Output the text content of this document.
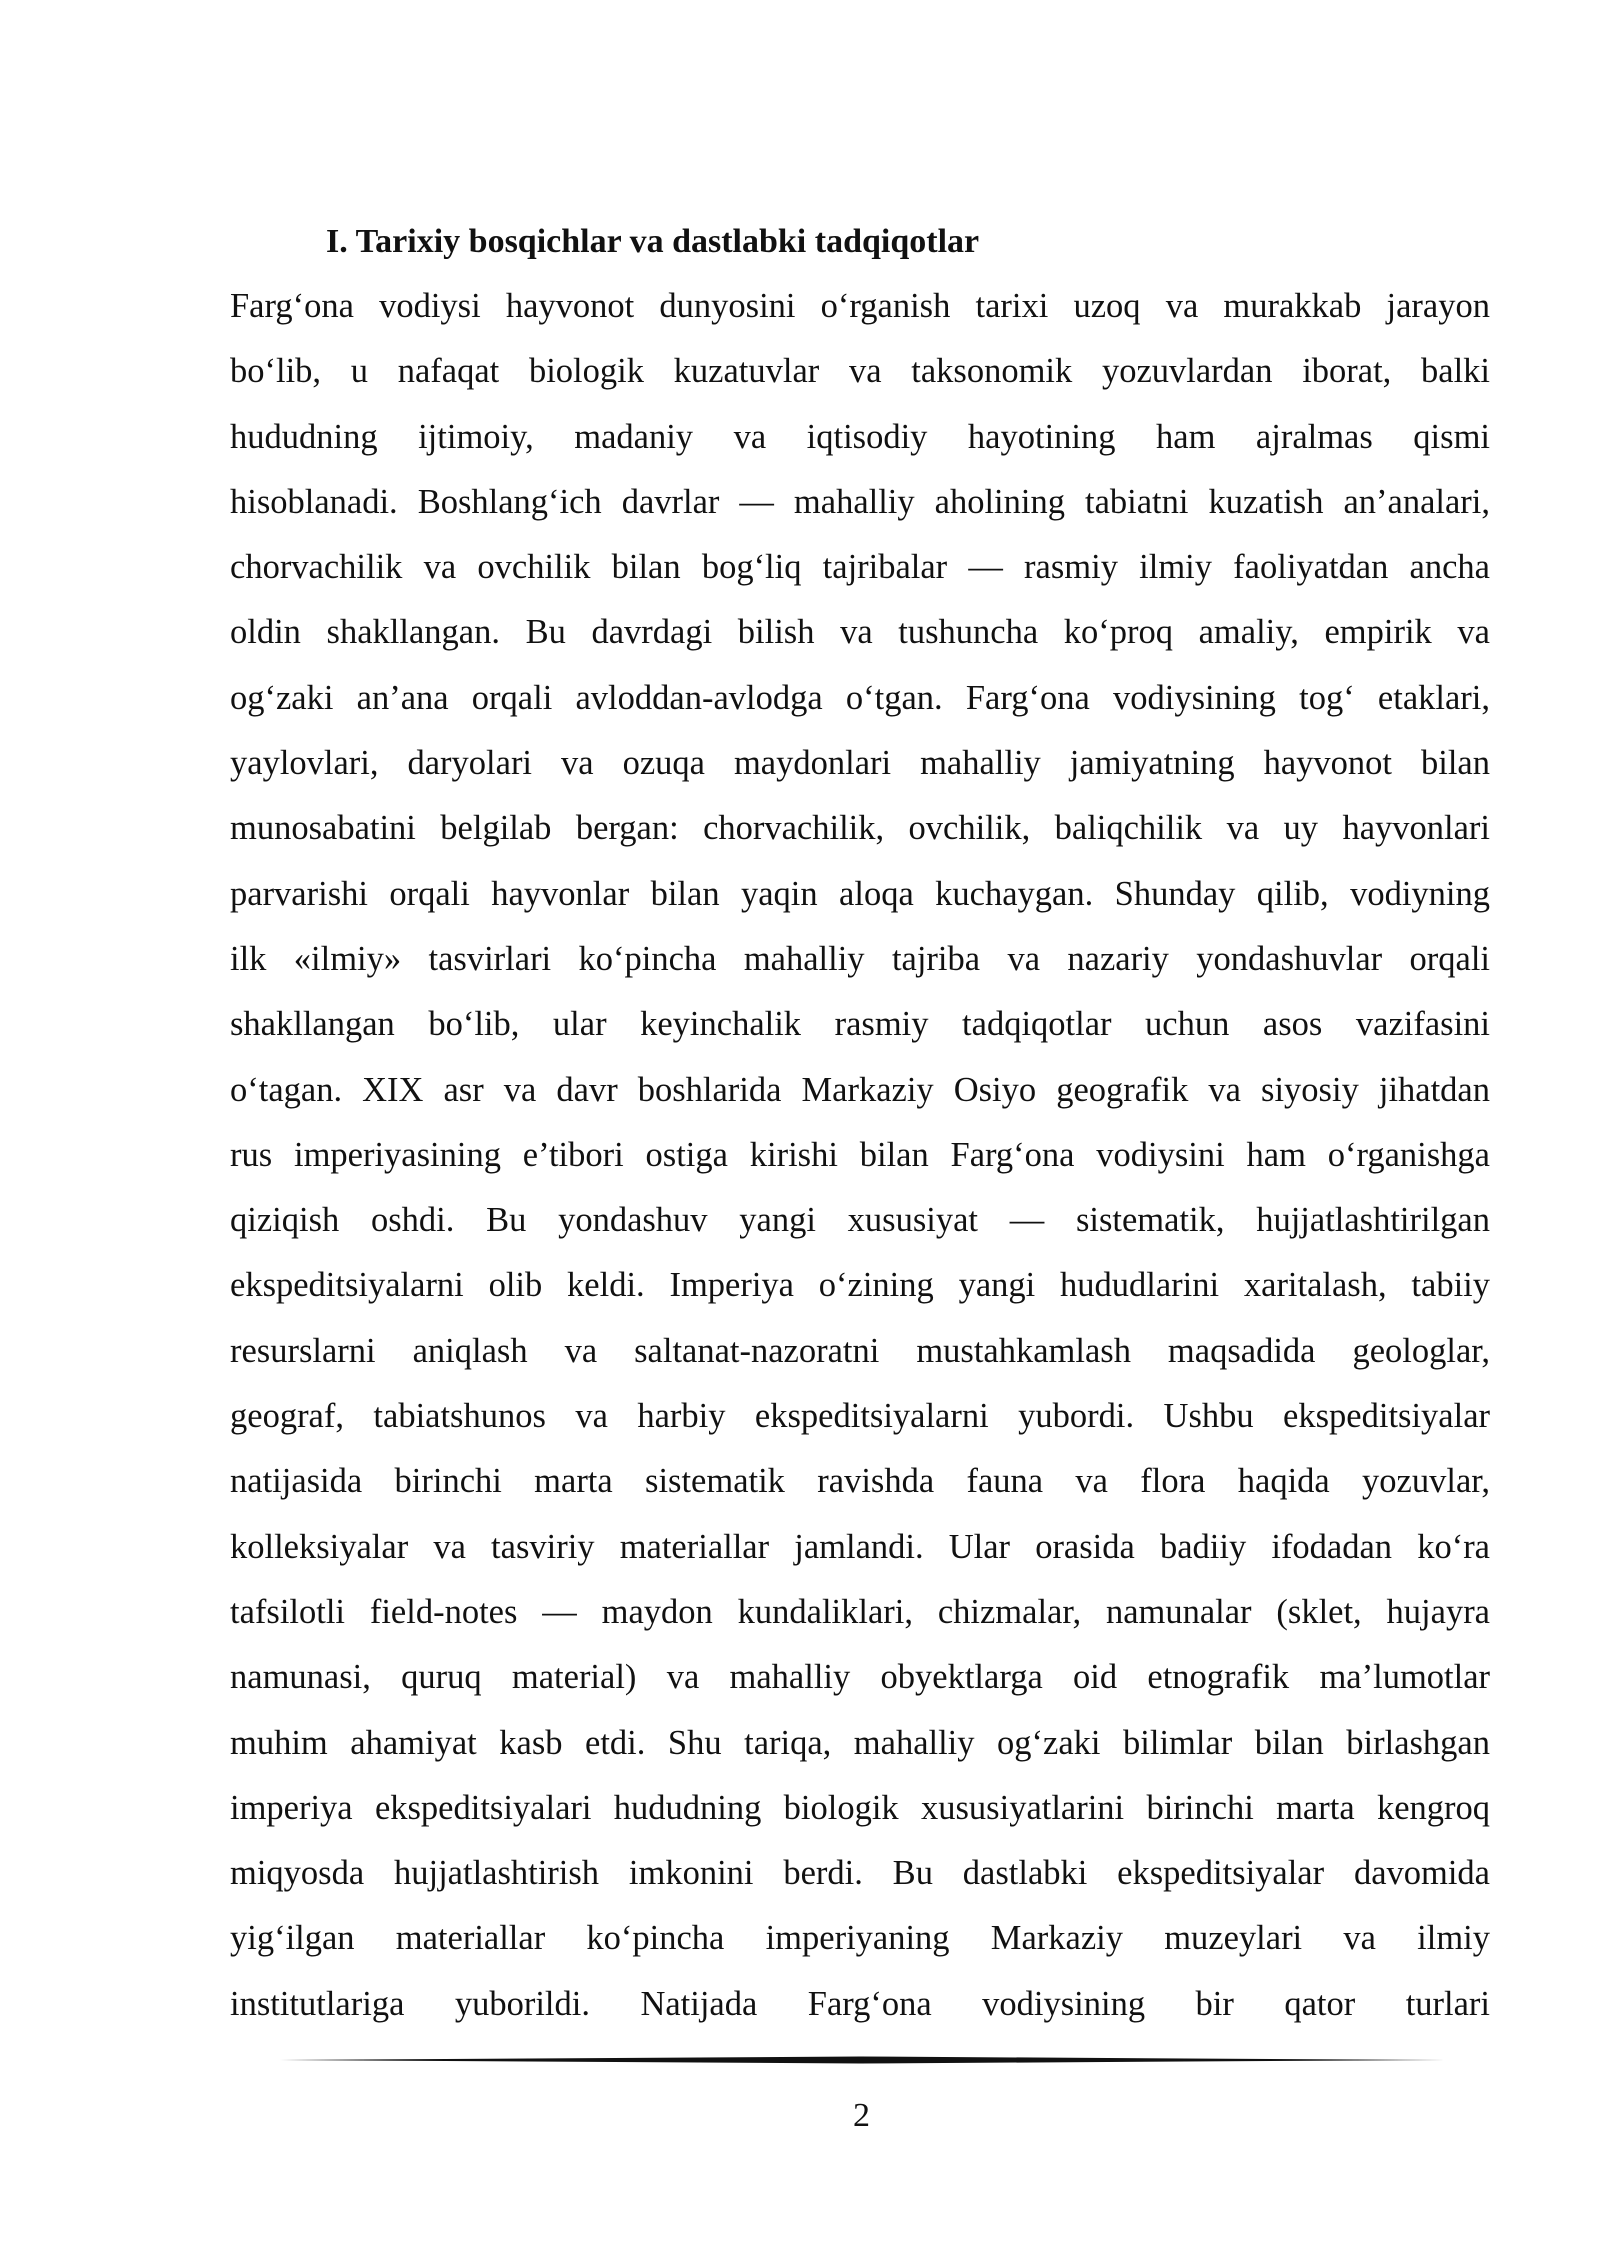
I. Tarixiy bosqichlar va dastlabki tadqiqotlar
Farg‘ona vodiysi hayvonot dunyosini o‘rganish tarixi uzoq va murakkab jarayon
bo‘lib, u nafaqat biologik kuzatuvlar va taksonomik yozuvlardan iborat, balki
hududning ijtimoiy, madaniy va iqtisodiy hayotining ham ajralmas qismi
hisoblanadi. Boshlang‘ich davrlar — mahalliy aholining tabiatni kuzatish an’analari,
chorvachilik va ovchilik bilan bog‘liq tajribalar — rasmiy ilmiy faoliyatdan ancha
oldin shakllangan. Bu davrdagi bilish va tushuncha ko‘proq amaliy, empirik va
og‘zaki an’ana orqali avloddan-avlodga o‘tgan. Farg‘ona vodiysining tog‘ etaklari,
yaylovlari, daryolari va ozuqa maydonlari mahalliy jamiyatning hayvonot bilan
munosabatini belgilab bergan: chorvachilik, ovchilik, baliqchilik va uy hayvonlari
parvarishi orqali hayvonlar bilan yaqin aloqa kuchaygan. Shunday qilib, vodiyning
ilk «ilmiy» tasvirlari ko‘pincha mahalliy tajriba va nazariy yondashuvlar orqali
shakllangan bo‘lib, ular keyinchalik rasmiy tadqiqotlar uchun asos vazifasini
o‘tagan. XIX asr va davr boshlarida Markaziy Osiyo geografik va siyosiy jihatdan
rus imperiyasining e’tibori ostiga kirishi bilan Farg‘ona vodiysini ham o‘rganishga
qiziqish oshdi. Bu yondashuv yangi xususiyat — sistematik, hujjatlashtirilgan
ekspeditsiyalarni olib keldi. Imperiya o‘zining yangi hududlarini xaritalash, tabiiy
resurslarni aniqlash va saltanat-nazoratni mustahkamlash maqsadida geologlar,
geograf, tabiatshunos va harbiy ekspeditsiyalarni yubordi. Ushbu ekspeditsiyalar
natijasida birinchi marta sistematik ravishda fauna va flora haqida yozuvlar,
kolleksiyalar va tasviriy materiallar jamlandi. Ular orasida badiiy ifodadan ko‘ra
tafsilotli field-notes — maydon kundaliklari, chizmalar, namunalar (sklet, hujayra
namunasi, quruq material) va mahalliy obyektlarga oid etnografik ma’lumotlar
muhim ahamiyat kasb etdi. Shu tariqa, mahalliy og‘zaki bilimlar bilan birlashgan
imperiya ekspeditsiyalari hududning biologik xususiyatlarini birinchi marta kengroq
miqyosda hujjatlashtirish imkonini berdi. Bu dastlabki ekspeditsiyalar davomida
yig‘ilgan materiallar ko‘pincha imperiyaning Markaziy muzeylari va ilmiy
institutlariga yuborildi. Natijada Farg‘ona vodiysining bir qator turlari
2
